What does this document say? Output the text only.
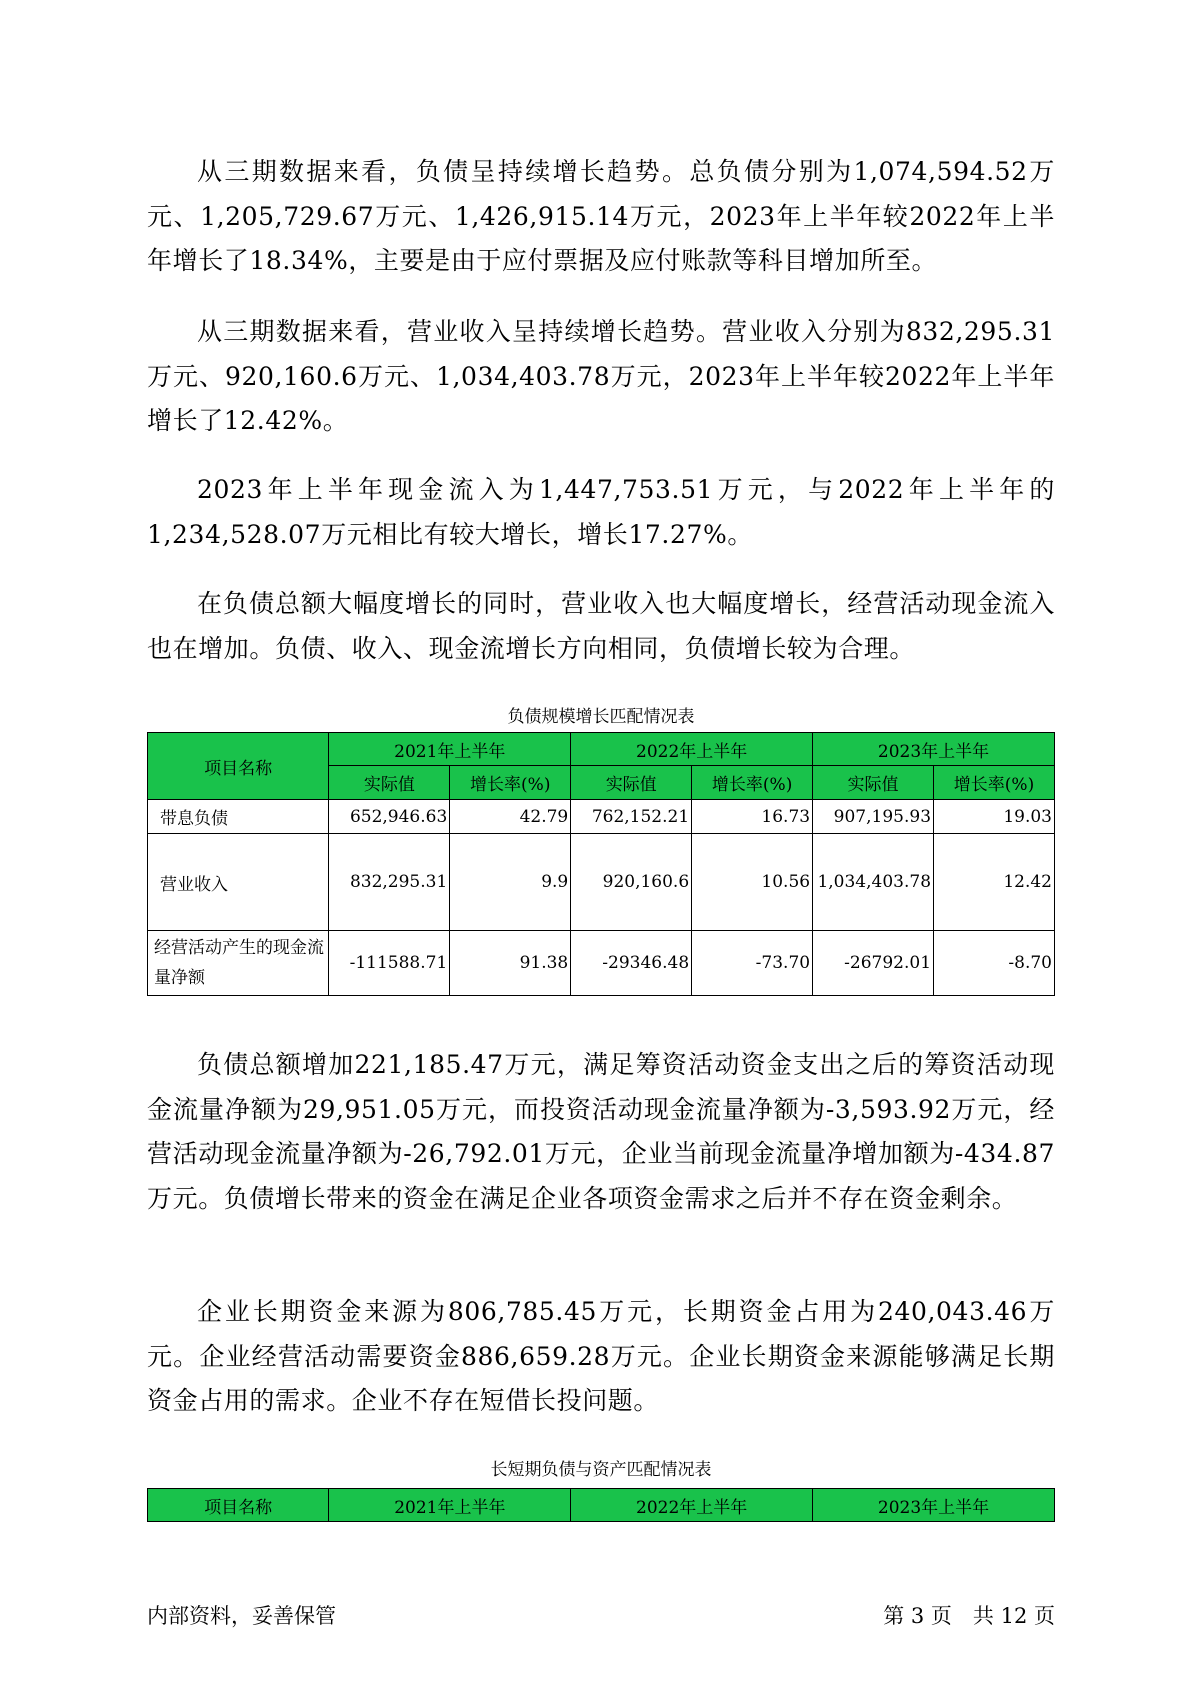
从三期数据来看，负债呈持续增长趋势。总负债分别为1,074,594.52万元、1,205,729.67万元、1,426,915.14万元，2023年上半年较2022年上半年增长了18.34%，主要是由于应付票据及应付账款等科目增加所至。

从三期数据来看，营业收入呈持续增长趋势。营业收入分别为832,295.31万元、920,160.6万元、1,034,403.78万元，2023年上半年较2022年上半年增长了12.42%。

2023年上半年现金流入为1,447,753.51万元，与2022年上半年的1,234,528.07万元相比有较大增长，增长17.27%。

在负债总额大幅度增长的同时，营业收入也大幅度增长，经营活动现金流入也在增加。负债、收入、现金流增长方向相同，负债增长较为合理。

负债规模增长匹配情况表
项目名称	2021年上半年		2022年上半年		2023年上半年	
	实际值	增长率(%)	实际值	增长率(%)	实际值	增长率(%)
带息负债	652,946.63	42.79	762,152.21	16.73	907,195.93	19.03
营业收入	832,295.31	9.9	920,160.6	10.56	1,034,403.78	12.42
经营活动产生的现金流量净额	-111588.71	91.38	-29346.48	-73.70	-26792.01	-8.70

负债总额增加221,185.47万元，满足筹资活动资金支出之后的筹资活动现金流量净额为29,951.05万元，而投资活动现金流量净额为-3,593.92万元，经营活动现金流量净额为-26,792.01万元，企业当前现金流量净增加额为-434.87万元。负债增长带来的资金在满足企业各项资金需求之后并不存在资金剩余。

企业长期资金来源为806,785.45万元，长期资金占用为240,043.46万元。企业经营活动需要资金886,659.28万元。企业长期资金来源能够满足长期资金占用的需求。企业不存在短借长投问题。

长短期负债与资产匹配情况表
项目名称	2021年上半年	2022年上半年	2023年上半年
内部资料，妥善保管	第 3 页　共 12 页
